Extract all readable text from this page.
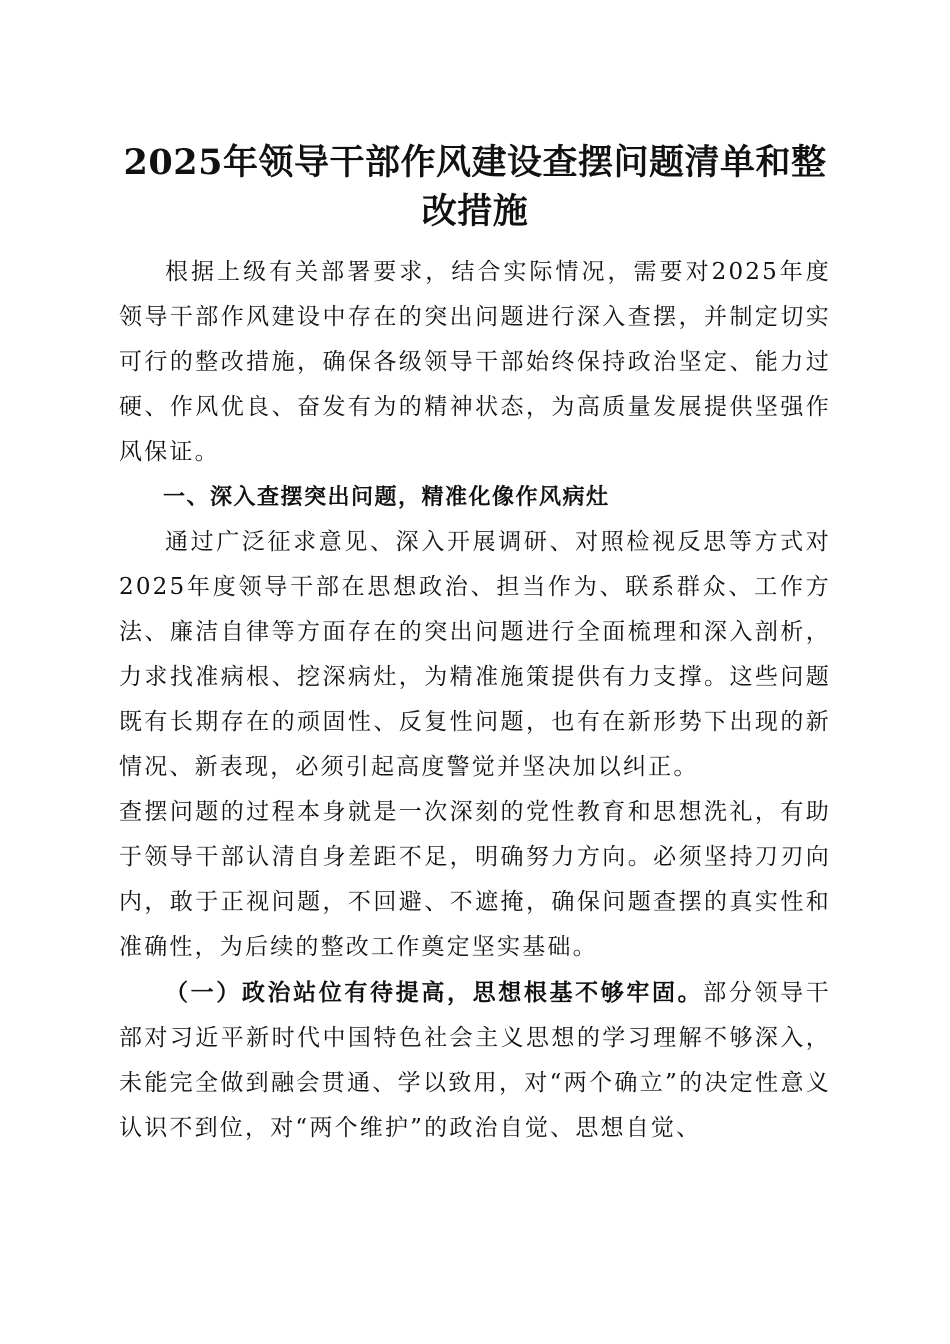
2025年领导干部作风建设查摆问题清单和整
改措施

根据上级有关部署要求，结合实际情况，需要对2025年度领导干部作风建设中存在的突出问题进行深入查摆，并制定切实可行的整改措施，确保各级领导干部始终保持政治坚定、能力过硬、作风优良、奋发有为的精神状态，为高质量发展提供坚强作风保证。

一、深入查摆突出问题，精准化像作风病灶

通过广泛征求意见、深入开展调研、对照检视反思等方式对2025年度领导干部在思想政治、担当作为、联系群众、工作方法、廉洁自律等方面存在的突出问题进行全面梳理和深入剖析，力求找准病根、挖深病灶，为精准施策提供有力支撑。这些问题既有长期存在的顽固性、反复性问题，也有在新形势下出现的新情况、新表现，必须引起高度警觉并坚决加以纠正。

查摆问题的过程本身就是一次深刻的党性教育和思想洗礼，有助于领导干部认清自身差距不足，明确努力方向。必须坚持刀刃向内，敢于正视问题，不回避、不遮掩，确保问题查摆的真实性和准确性，为后续的整改工作奠定坚实基础。

（一）政治站位有待提高，思想根基不够牢固。部分领导干部对习近平新时代中国特色社会主义思想的学习理解不够深入，未能完全做到融会贯通、学以致用，对“两个确立”的决定性意义认识不到位，对“两个维护”的政治自觉、思想自觉、
